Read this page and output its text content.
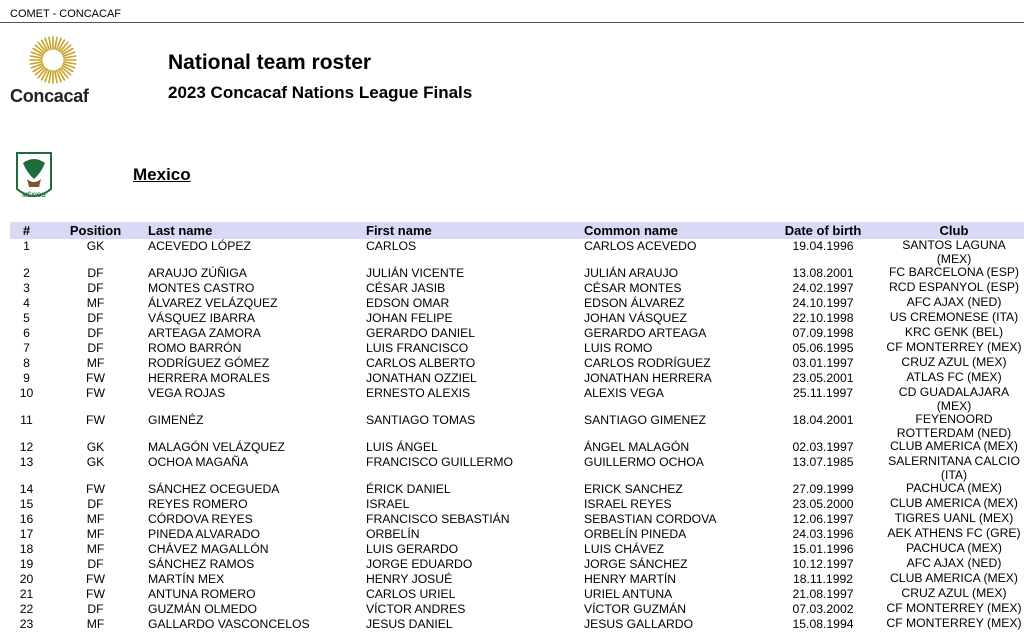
COMET - CONCACAF
Concacaf
National team roster
2023 Concacaf Nations League Finals
MÉXICO
Mexico
#	Position	Last name	First name	Common name	Date of birth	Club
1	GK	ACEVEDO LÓPEZ	CARLOS	CARLOS ACEVEDO	19.04.1996	SANTOS LAGUNA (MEX)
2	DF	ARAUJO ZÚÑIGA	JULIÁN VICENTE	JULIÁN ARAUJO	13.08.2001	FC BARCELONA (ESP)
3	DF	MONTES CASTRO	CÉSAR JASIB	CÉSAR MONTES	24.02.1997	RCD ESPANYOL (ESP)
4	MF	ÁLVAREZ VELÁZQUEZ	EDSON OMAR	EDSON ÁLVAREZ	24.10.1997	AFC AJAX (NED)
5	DF	VÁSQUEZ IBARRA	JOHAN FELIPE	JOHAN VÁSQUEZ	22.10.1998	US CREMONESE (ITA)
6	DF	ARTEAGA ZAMORA	GERARDO DANIEL	GERARDO ARTEAGA	07.09.1998	KRC GENK (BEL)
7	DF	ROMO BARRÓN	LUIS FRANCISCO	LUIS ROMO	05.06.1995	CF MONTERREY (MEX)
8	MF	RODRÍGUEZ GÓMEZ	CARLOS ALBERTO	CARLOS RODRÍGUEZ	03.01.1997	CRUZ AZUL (MEX)
9	FW	HERRERA MORALES	JONATHAN OZZIEL	JONATHAN HERRERA	23.05.2001	ATLAS FC (MEX)
10	FW	VEGA ROJAS	ERNESTO ALEXIS	ALEXIS VEGA	25.11.1997	CD GUADALAJARA (MEX)
11	FW	GIMENÉZ	SANTIAGO TOMAS	SANTIAGO GIMENEZ	18.04.2001	FEYENOORD ROTTERDAM (NED)
12	GK	MALAGÓN VELÁZQUEZ	LUIS ÁNGEL	ÁNGEL MALAGÓN	02.03.1997	CLUB AMERICA (MEX)
13	GK	OCHOA MAGAÑA	FRANCISCO GUILLERMO	GUILLERMO OCHOA	13.07.1985	SALERNITANA CALCIO (ITA)
14	FW	SÁNCHEZ OCEGUEDA	ÉRICK DANIEL	ERICK SANCHEZ	27.09.1999	PACHUCA (MEX)
15	DF	REYES ROMERO	ISRAEL	ISRAEL REYES	23.05.2000	CLUB AMERICA (MEX)
16	MF	CÓRDOVA REYES	FRANCISCO SEBASTIÁN	SEBASTIAN CORDOVA	12.06.1997	TIGRES UANL (MEX)
17	MF	PINEDA ALVARADO	ORBELÍN	ORBELÍN PINEDA	24.03.1996	AEK ATHENS FC (GRE)
18	MF	CHÁVEZ MAGALLÓN	LUIS GERARDO	LUIS CHÁVEZ	15.01.1996	PACHUCA (MEX)
19	DF	SÁNCHEZ RAMOS	JORGE EDUARDO	JORGE SÁNCHEZ	10.12.1997	AFC AJAX (NED)
20	FW	MARTÍN MEX	HENRY JOSUÉ	HENRY MARTÍN	18.11.1992	CLUB AMERICA (MEX)
21	FW	ANTUNA ROMERO	CARLOS URIEL	URIEL ANTUNA	21.08.1997	CRUZ AZUL (MEX)
22	DF	GUZMÁN OLMEDO	VÍCTOR ANDRES	VÍCTOR GUZMÁN	07.03.2002	CF MONTERREY (MEX)
23	MF	GALLARDO VASCONCELOS	JESUS DANIEL	JESUS GALLARDO	15.08.1994	CF MONTERREY (MEX)
